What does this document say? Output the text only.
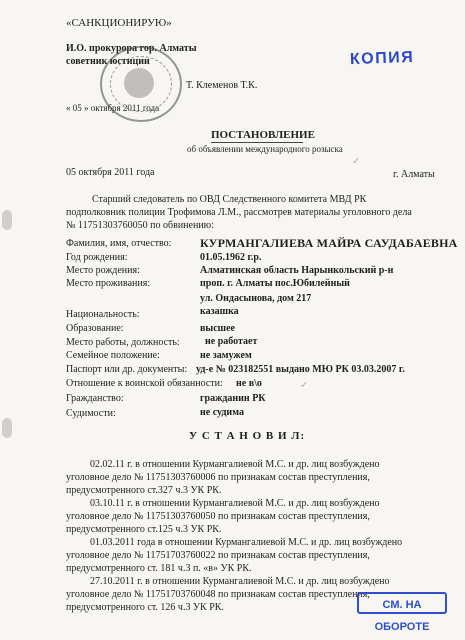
«САНКЦИОНИРУЮ»
И.О. прокурора гор. Алматы
советник юстиции
Т. Клеменов Т.К.
« 05 » октября 2011 года
КОПИЯ
ПОСТАНОВЛЕНИЕ
об объявлении международного розыска
05 октября 2011 года	г. Алматы
Старший следователь по ОВД Следственного комитета МВД РК
подполковник полиции Трофимова Л.М., рассмотрев материалы уголовного дела
№ 11751303760050 по обвинению:
Фамилия, имя, отчество: КУРМАНГАЛИЕВА МАЙРА САУДАБАЕВНА
Год рождения:	01.05.1962 г.р.
Место рождения:	Алматинская область Нарынкольский р-н
Место проживания:	проп. г. Алматы пос.Юбилейный
ул. Ондасынова, дом 217
Национальность:	казашка
Образование:	высшее
Место работы, должность:	не работает
Семейное положение:	не замужем
Паспорт или др. документы: уд-е № 023182551 выдано МЮ РК 03.03.2007 г.
Отношение к воинской обязанности: не в\о
Гражданство:	гражданин РК
Судимости:	не судима
✓
✓
У С Т А Н О В И Л:
02.02.11 г. в отношении Курмангалиевой М.С. и др. лиц возбуждено
уголовное дело № 11751303760006 по признакам состав преступления,
предусмотренного ст.327 ч.3 УК РК.
03.10.11 г. в отношении Курмангалиевой М.С. и др. лиц возбуждено
уголовное дело № 11751303760050 по признакам состав преступления,
предусмотренного ст.125 ч.3 УК РК.
01.03.2011 года в отношении Курмангалиевой М.С. и др. лиц возбуждено
уголовное дело № 11751703760022 по признакам состав преступления,
предусмотренного ст. 181 ч.3 п. «в» УК РК.
27.10.2011 г. в отношении Курмангалиевой М.С. и др. лиц возбуждено
уголовное дело № 11751703760048 по признакам состав преступления,
предусмотренного ст. 126 ч.3 УК РК.	СМ. НА ОБОРОТЕ
